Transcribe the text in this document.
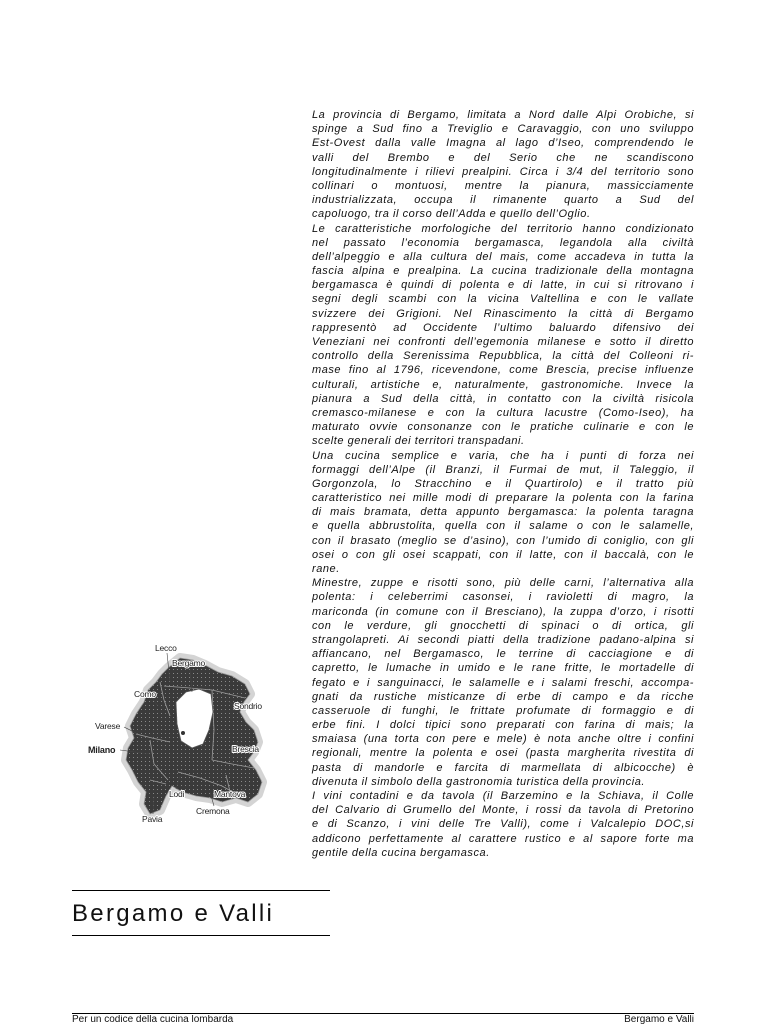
La provincia di Bergamo, limitata a Nord dalle Alpi Orobiche, si
spinge a Sud fino a Treviglio e Caravaggio, con uno sviluppo
Est-Ovest dalla valle Imagna al lago d’Iseo, comprendendo le
valli del Brembo e del Serio che ne scandiscono
longitudinalmente i rilievi prealpini. Circa i 3/4 del territorio sono
collinari o montuosi, mentre la pianura, massicciamente
industrializzata, occupa il rimanente quarto a Sud del
capoluogo, tra il corso dell’Adda e quello dell’Oglio.
Le caratteristiche morfologiche del territorio hanno condizionato
nel passato l’economia bergamasca, legandola alla civiltà
dell’alpeggio e alla cultura del mais, come accadeva in tutta la
fascia alpina e prealpina. La cucina tradizionale della montagna
bergamasca è quindi di polenta e di latte, in cui si ritrovano i
segni degli scambi con la vicina Valtellina e con le vallate
svizzere dei Grigioni. Nel Rinascimento la città di Bergamo
rappresentò ad Occidente l’ultimo baluardo difensivo dei
Veneziani nei confronti dell’egemonia milanese e sotto il diretto
controllo della Serenissima Repubblica, la città del Colleoni ri-
mase fino al 1796, ricevendone, come Brescia, precise influenze
culturali, artistiche e, naturalmente, gastronomiche. Invece la
pianura a Sud della città, in contatto con la civiltà risicola
cremasco-milanese e con la cultura lacustre (Como-Iseo), ha
maturato ovvie consonanze con le pratiche culinarie e con le
scelte generali dei territori transpadani.
Una cucina semplice e varia, che ha i punti di forza nei
formaggi dell’Alpe (il Branzi, il Furmai de mut, il Taleggio, il
Gorgonzola, lo Stracchino e il Quartirolo) e il tratto più
caratteristico nei mille modi di preparare la polenta con la farina
di mais bramata, detta appunto bergamasca: la polenta taragna
e quella abbrustolita, quella con il salame o con le salamelle,
con il brasato (meglio se d’asino), con l’umido di coniglio, con gli
osei o con gli osei scappati, con il latte, con il baccalà, con le
rane.
Minestre, zuppe e risotti sono, più delle carni, l’alternativa alla
polenta: i celeberrimi casonsei, i ravioletti di magro, la
mariconda (in comune con il Bresciano), la zuppa d’orzo, i risotti
con le verdure, gli gnocchetti di spinaci o di ortica, gli
strangolapreti. Ai secondi piatti della tradizione padano-alpina si
affiancano, nel Bergamasco, le terrine di cacciagione e di
capretto, le lumache in umido e le rane fritte, le mortadelle di
fegato e i sanguinacci, le salamelle e i salami freschi, accompa-
gnati da rustiche misticanze di erbe di campo e da ricche
casseruole di funghi, le frittate profumate di formaggio e di
erbe fini. I dolci tipici sono preparati con farina di mais; la
smaiasa (una torta con pere e mele) è nota anche oltre i confini
regionali, mentre la polenta e osei (pasta margherita rivestita di
pasta di mandorle e farcita di marmellata di albicocche) è
divenuta il simbolo della gastronomia turistica della provincia.
I vini contadini e da tavola (il Barzemino e la Schiava, il Colle
del Calvario di Grumello del Monte, i rossi da tavola di Pretorino
e di Scanzo, i vini delle Tre Valli), come i Valcalepio DOC,si
addicono perfettamente al carattere rustico e al sapore forte ma
gentile della cucina bergamasca.
Lecco
Bergamo
Como
Sondrio
Varese
Milano	Brescia
Lodi	Mantova
Cremona
Pavia
Bergamo e Valli
Per un codice della cucina lombarda	Bergamo e Valli
